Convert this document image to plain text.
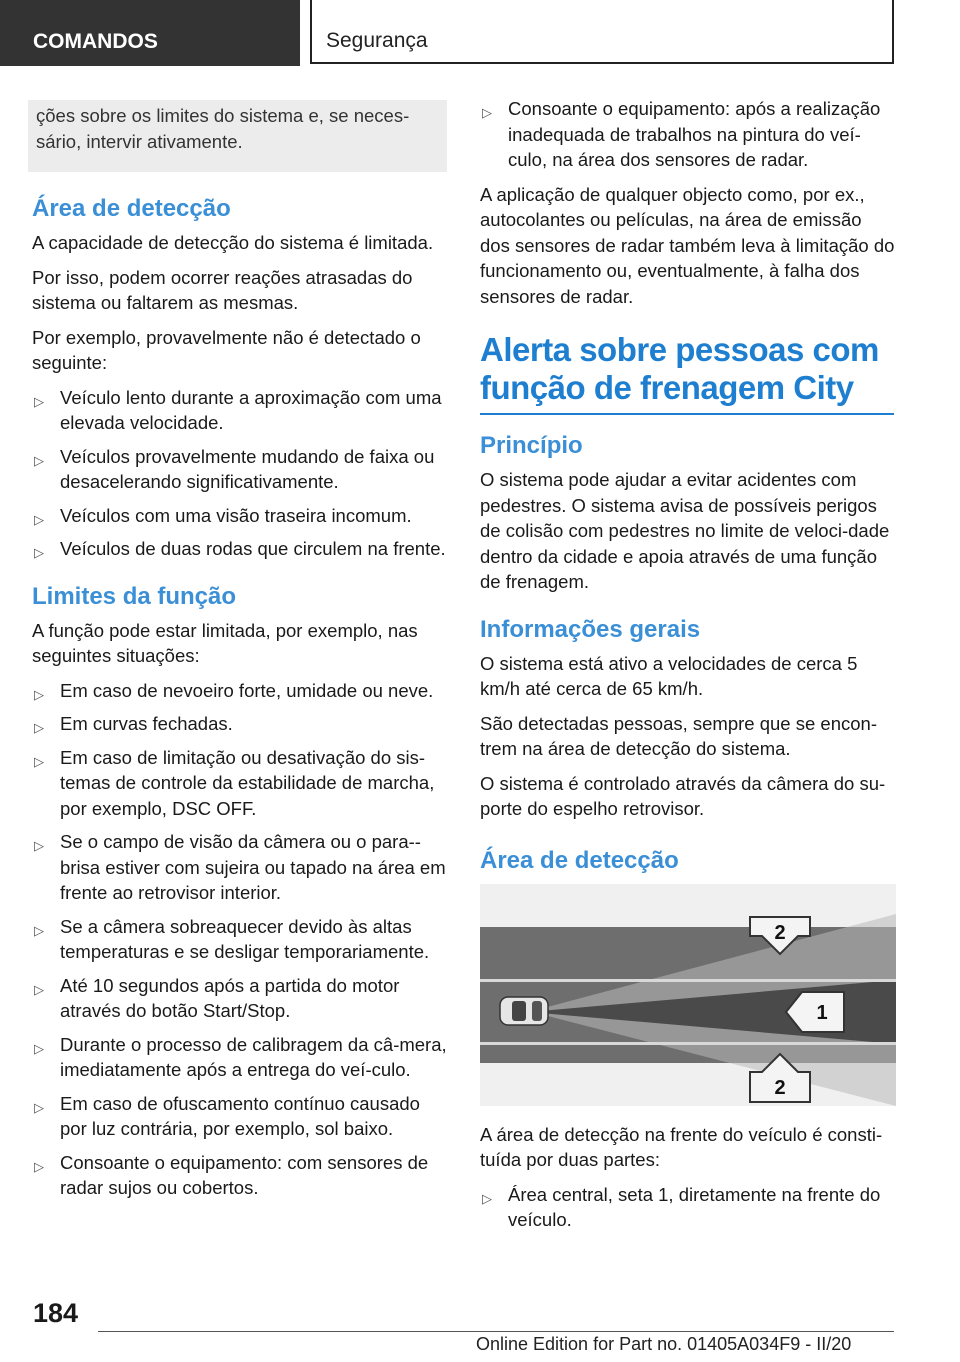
COMANDOS	Segurança
ções sobre os limites do sistema e, se neces-sário, intervir ativamente.
Área de detecção

A capacidade de detecção do sistema é limitada.

Por isso, podem ocorrer reações atrasadas do sistema ou faltarem as mesmas.

Por exemplo, provavelmente não é detectado o seguinte:

▷ Veículo lento durante a aproximação com uma elevada velocidade.
▷ Veículos provavelmente mudando de faixa ou desacelerando significativamente.
▷ Veículos com uma visão traseira incomum.
▷ Veículos de duas rodas que circulem na frente.
Limites da função

A função pode estar limitada, por exemplo, nas seguintes situações:

▷ Em caso de nevoeiro forte, umidade ou neve.
▷ Em curvas fechadas.
▷ Em caso de limitação ou desativação do sis-temas de controle da estabilidade de marcha, por exemplo, DSC OFF.
▷ Se o campo de visão da câmera ou o para--brisa estiver com sujeira ou tapado na área em frente ao retrovisor interior.
▷ Se a câmera sobreaquecer devido às altas temperaturas e se desligar temporariamente.
▷ Até 10 segundos após a partida do motor através do botão Start/Stop.
▷ Durante o processo de calibragem da câ-mera, imediatamente após a entrega do veí-culo.
▷ Em caso de ofuscamento contínuo causado por luz contrária, por exemplo, sol baixo.
▷ Consoante o equipamento: com sensores de radar sujos ou cobertos.
▷ Consoante o equipamento: após a realização inadequada de trabalhos na pintura do veí-culo, na área dos sensores de radar.

A aplicação de qualquer objecto como, por ex., autocolantes ou películas, na área de emissão dos sensores de radar também leva à limitação do funcionamento ou, eventualmente, à falha dos sensores de radar.

Alerta sobre pessoas com função de frenagem City
Princípio

O sistema pode ajudar a evitar acidentes com pedestres. O sistema avisa de possíveis perigos de colisão com pedestres no limite de veloci-dade dentro da cidade e apoia através de uma função de frenagem.

Informações gerais

O sistema está ativo a velocidades de cerca 5 km/h até cerca de 65 km/h.

São detectadas pessoas, sempre que se encon-trem na área de detecção do sistema.

O sistema é controlado através da câmera do su-porte do espelho retrovisor.

Área de detecção
2
1
2

A área de detecção na frente do veículo é consti-tuída por duas partes:

▷ Área central, seta 1, diretamente na frente do veículo.
184
Online Edition for Part no. 01405A034F9 - II/20
